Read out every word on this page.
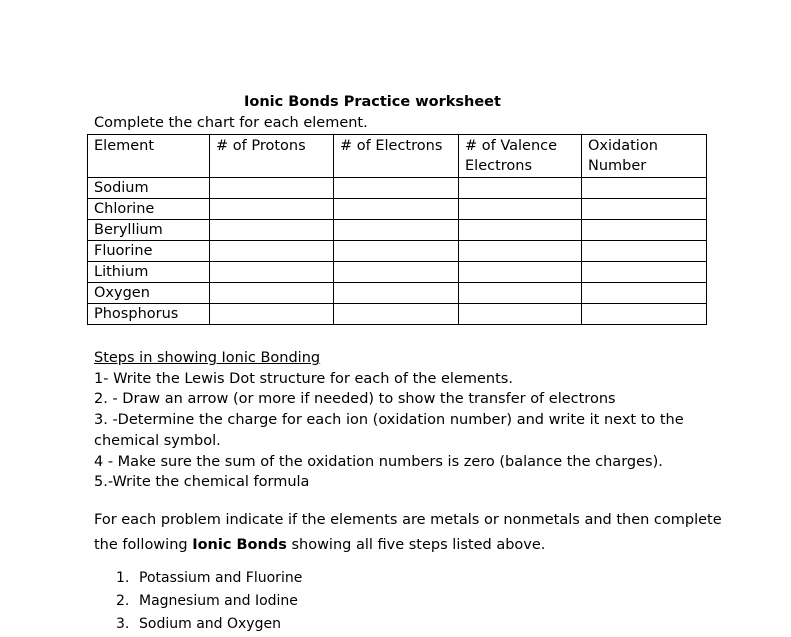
Ionic Bonds Practice worksheet
Complete the chart for each element.
Element	# of Protons	# of Electrons	# of Valence Electrons	Oxidation Number
Sodium				
Chlorine				
Beryllium				
Fluorine				
Lithium				
Oxygen				
Phosphorus				

Steps in showing Ionic Bonding

1- Write the Lewis Dot structure for each of the elements.

2. - Draw an arrow (or more if needed) to show the transfer of electrons

3. -Determine the charge for each ion (oxidation number) and write it next to the chemical symbol.

4 - Make sure the sum of the oxidation numbers is zero (balance the charges).

5.-Write the chemical formula

For each problem indicate if the elements are metals or nonmetals and then complete the following Ionic Bonds showing all five steps listed above.

1. Potassium and Fluorine
2. Magnesium and Iodine
3. Sodium and Oxygen
